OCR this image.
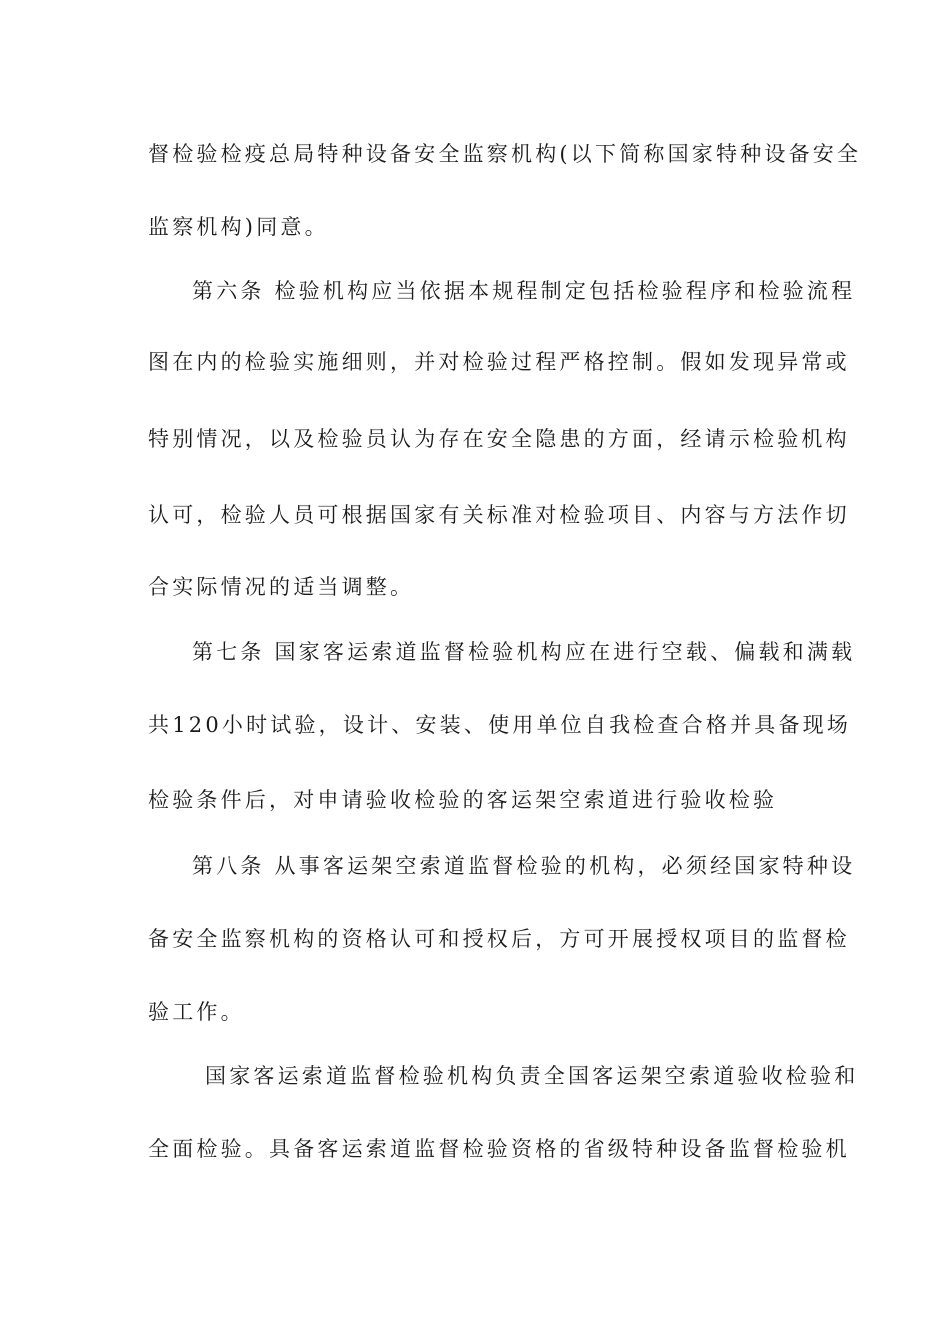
督检验检疫总局特种设备安全监察机构(以下简称国家特种设备安全
监察机构)同意。
第六条 检验机构应当依据本规程制定包括检验程序和检验流程
图在内的检验实施细则，并对检验过程严格控制。假如发现异常或
特别情况，以及检验员认为存在安全隐患的方面，经请示检验机构
认可，检验人员可根据国家有关标准对检验项目、内容与方法作切
合实际情况的适当调整。
第七条 国家客运索道监督检验机构应在进行空载、偏载和满载
共120小时试验，设计、安装、使用单位自我检查合格并具备现场
检验条件后，对申请验收检验的客运架空索道进行验收检验
第八条 从事客运架空索道监督检验的机构，必须经国家特种设
备安全监察机构的资格认可和授权后，方可开展授权项目的监督检
验工作。
国家客运索道监督检验机构负责全国客运架空索道验收检验和
全面检验。具备客运索道监督检验资格的省级特种设备监督检验机
